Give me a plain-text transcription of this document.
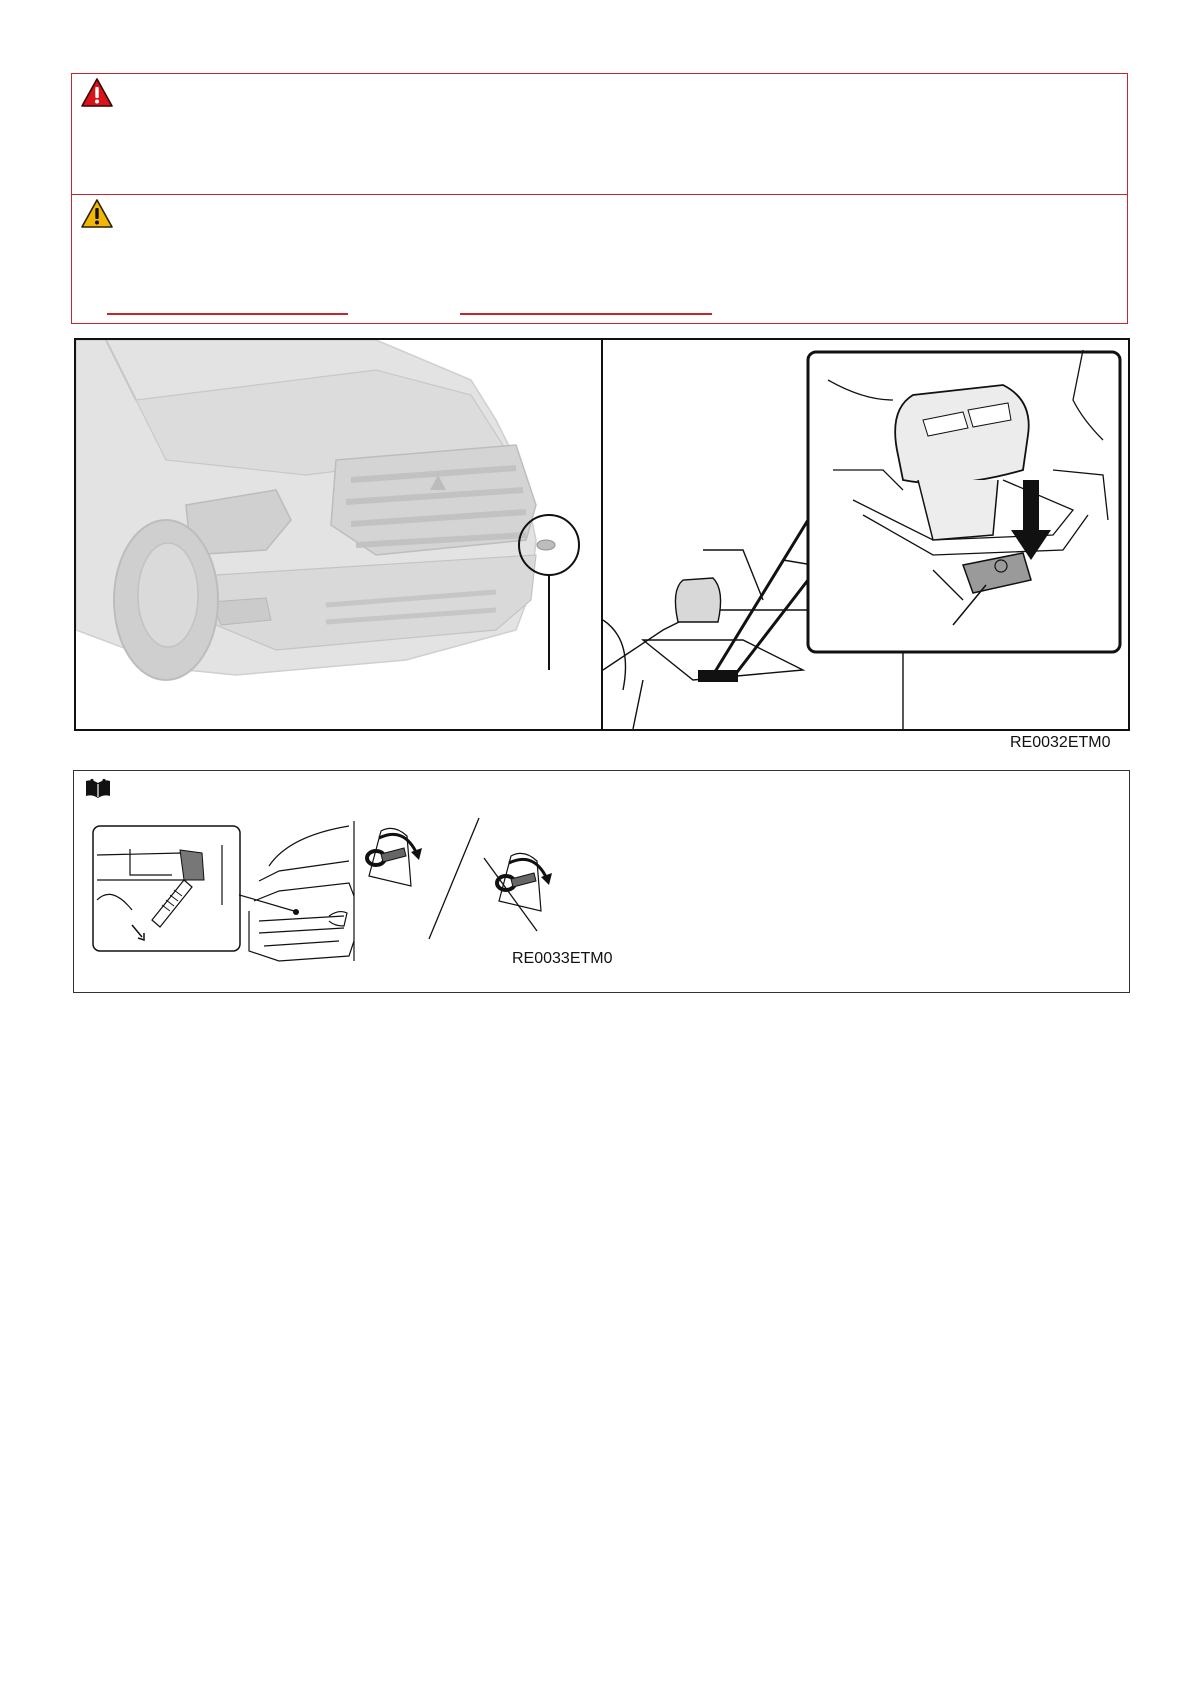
RE0032ETM0
RE0033ETM0
